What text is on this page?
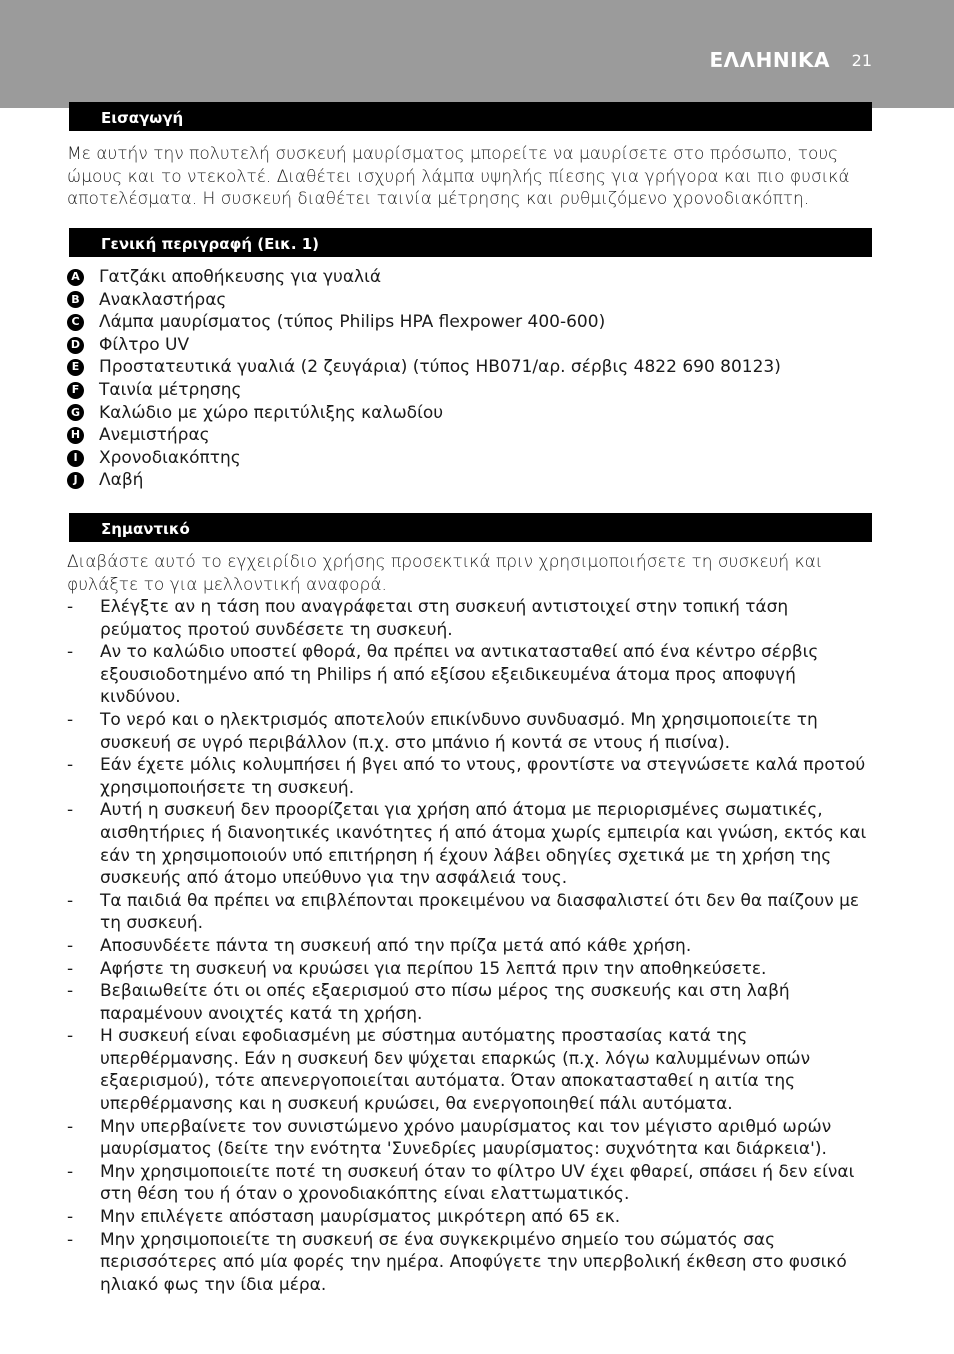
ΕΛΛΗΝΙΚΑ 21
Εισαγωγή
Με αυτήν την πολυτελή συσκευή μαυρίσματος μπορείτε να μαυρίσετε στο πρόσωπο, τους ώμους και το ντεκολτέ. Διαθέτει ισχυρή λάμπα υψηλής πίεσης για γρήγορα και πιο φυσικά αποτελέσματα. Η συσκευή διαθέτει ταινία μέτρησης και ρυθμιζόμενο χρονοδιακόπτη.
Γενική περιγραφή (Εικ. 1)
A Γατζάκι αποθήκευσης για γυαλιά
B Ανακλαστήρας
C Λάμπα μαυρίσματος (τύπος Philips HPA flexpower 400-600)
D Φίλτρο UV
E Προστατευτικά γυαλιά (2 ζευγάρια) (τύπος HB071/αρ. σέρβις 4822 690 80123)
F Ταινία μέτρησης
G Καλώδιο με χώρο περιτύλιξης καλωδίου
H Ανεμιστήρας
I	Χρονοδιακόπτης
J	Λαβή
Σημαντικό
Διαβάστε αυτό το εγχειρίδιο χρήσης προσεκτικά πριν χρησιμοποιήσετε τη συσκευή και φυλάξτε το για μελλοντική αναφορά.
- Ελέγξτε αν η τάση που αναγράφεται στη συσκευή αντιστοιχεί στην τοπική τάση ρεύματος προτού συνδέσετε τη συσκευή.
- Αν το καλώδιο υποστεί φθορά, θα πρέπει να αντικατασταθεί από ένα κέντρο σέρβις εξουσιοδοτημένο από τη Philips ή από εξίσου εξειδικευμένα άτομα προς αποφυγή κινδύνου.
- Το νερό και ο ηλεκτρισμός αποτελούν επικίνδυνο συνδυασμό. Μη χρησιμοποιείτε τη συσκευή σε υγρό περιβάλλον (π.χ. στο μπάνιο ή κοντά σε ντους ή πισίνα).
- Εάν έχετε μόλις κολυμπήσει ή βγει από το ντους, φροντίστε να στεγνώσετε καλά προτού χρησιμοποιήσετε τη συσκευή.
- Αυτή η συσκευή δεν προορίζεται για χρήση από άτομα με περιορισμένες σωματικές, αισθητήριες ή διανοητικές ικανότητες ή από άτομα χωρίς εμπειρία και γνώση, εκτός και εάν τη χρησιμοποιούν υπό επιτήρηση ή έχουν λάβει οδηγίες σχετικά με τη χρήση της συσκευής από άτομο υπεύθυνο για την ασφάλειά τους.
- Τα παιδιά θα πρέπει να επιβλέπονται προκειμένου να διασφαλιστεί ότι δεν θα παίζουν με τη συσκευή.
- Αποσυνδέετε πάντα τη συσκευή από την πρίζα μετά από κάθε χρήση.
- Αφήστε τη συσκευή να κρυώσει για περίπου 15 λεπτά πριν την αποθηκεύσετε.
- Βεβαιωθείτε ότι οι οπές εξαερισμού στο πίσω μέρος της συσκευής και στη λαβή παραμένουν ανοιχτές κατά τη χρήση.
- Η συσκευή είναι εφοδιασμένη με σύστημα αυτόματης προστασίας κατά της υπερθέρμανσης. Εάν η συσκευή δεν ψύχεται επαρκώς (π.χ. λόγω καλυμμένων οπών εξαερισμού), τότε απενεργοποιείται αυτόματα. Όταν αποκατασταθεί η αιτία της υπερθέρμανσης και η συσκευή κρυώσει, θα ενεργοποιηθεί πάλι αυτόματα.
- Μην υπερβαίνετε τον συνιστώμενο χρόνο μαυρίσματος και τον μέγιστο αριθμό ωρών μαυρίσματος (δείτε την ενότητα 'Συνεδρίες μαυρίσματος: συχνότητα και διάρκεια').
- Μην χρησιμοποιείτε ποτέ τη συσκευή όταν το φίλτρο UV έχει φθαρεί, σπάσει ή δεν είναι στη θέση του ή όταν ο χρονοδιακόπτης είναι ελαττωματικός.
- Μην επιλέγετε απόσταση μαυρίσματος μικρότερη από 65 εκ.
- Μην χρησιμοποιείτε τη συσκευή σε ένα συγκεκριμένο σημείο του σώματός σας περισσότερες από μία φορές την ημέρα. Αποφύγετε την υπερβολική έκθεση στο φυσικό ηλιακό φως την ίδια μέρα.
